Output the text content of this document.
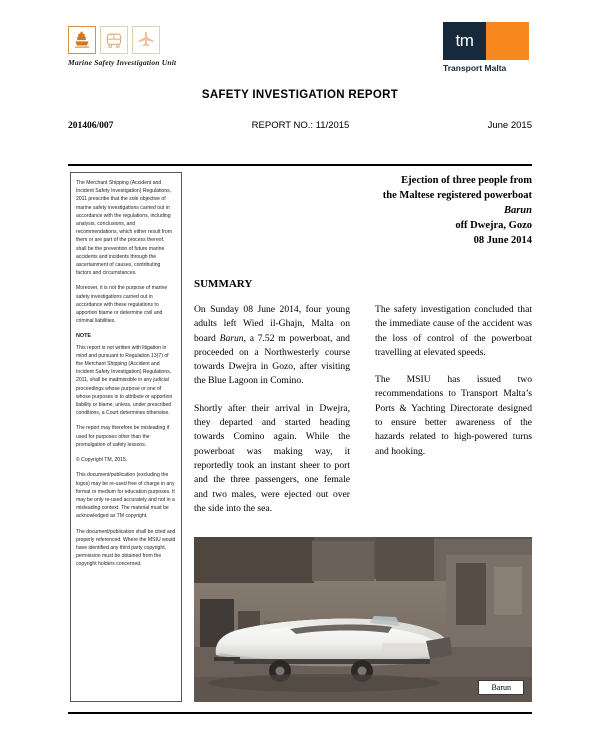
Marine Safety Investigation Unit
tm
Transport Malta
SAFETY INVESTIGATION REPORT
201406/007	REPORT NO.: 11/2015	June 2015
Ejection of three people from
the Maltese registered powerboat
Barun
off Dwejra, Gozo
08 June 2014

The Merchant Shipping (Accident and Incident Safety Investigation) Regulations, 2011 prescribe that the sole objective of marine safety investigations carried out in accordance with the regulations, including analysis, conclusions, and recommendations, which either result from them or are part of the process thereof, shall be the prevention of future marine accidents and incidents through the ascertainment of causes, contributing factors and circumstances.

Moreover, it is not the purpose of marine safety investigations carried out in accordance with these regulations to apportion blame or determine civil and criminal liabilities.

NOTE

This report is not written with litigation in mind and pursuant to Regulation 13(7) of the Merchant Shipping (Accident and Incident Safety Investigation) Regulations, 2011, shall be inadmissible in any judicial proceedings whose purpose or one of whose purposes is to attribute or apportion liability or blame, unless, under prescribed conditions, a Court determines otherwise.

The report may therefore be misleading if used for purposes other than the promulgation of safety lessons.

© Copyright TM, 2015.

This document/publication (excluding the logos) may be re-used free of charge in any format or medium for education purposes. It may be only re-used accurately and not in a misleading context. The material must be acknowledged as TM copyright.

The document/publication shall be cited and properly referenced. Where the MSIU would have identified any third party copyright, permission must be obtained from the copyright holders concerned.

SUMMARY

On Sunday 08 June 2014, four young adults left Wied il-Ghajn, Malta on board Barun, a 7.52 m powerboat, and proceeded on a Northwesterly course towards Dwejra in Gozo, after visiting the Blue Lagoon in Comino.

Shortly after their arrival in Dwejra, they departed and started heading towards Comino again. While the powerboat was making way, it reportedly took an instant sheer to port and the three passengers, one female and two males, were ejected out over the side into the sea.

The safety investigation concluded that the immediate cause of the accident was the loss of control of the powerboat travelling at elevated speeds.

The MSIU has issued two recommendations to Transport Malta’s Ports & Yachting Directorate designed to ensure better awareness of the hazards related to high-powered turns and hooking.

Barun
